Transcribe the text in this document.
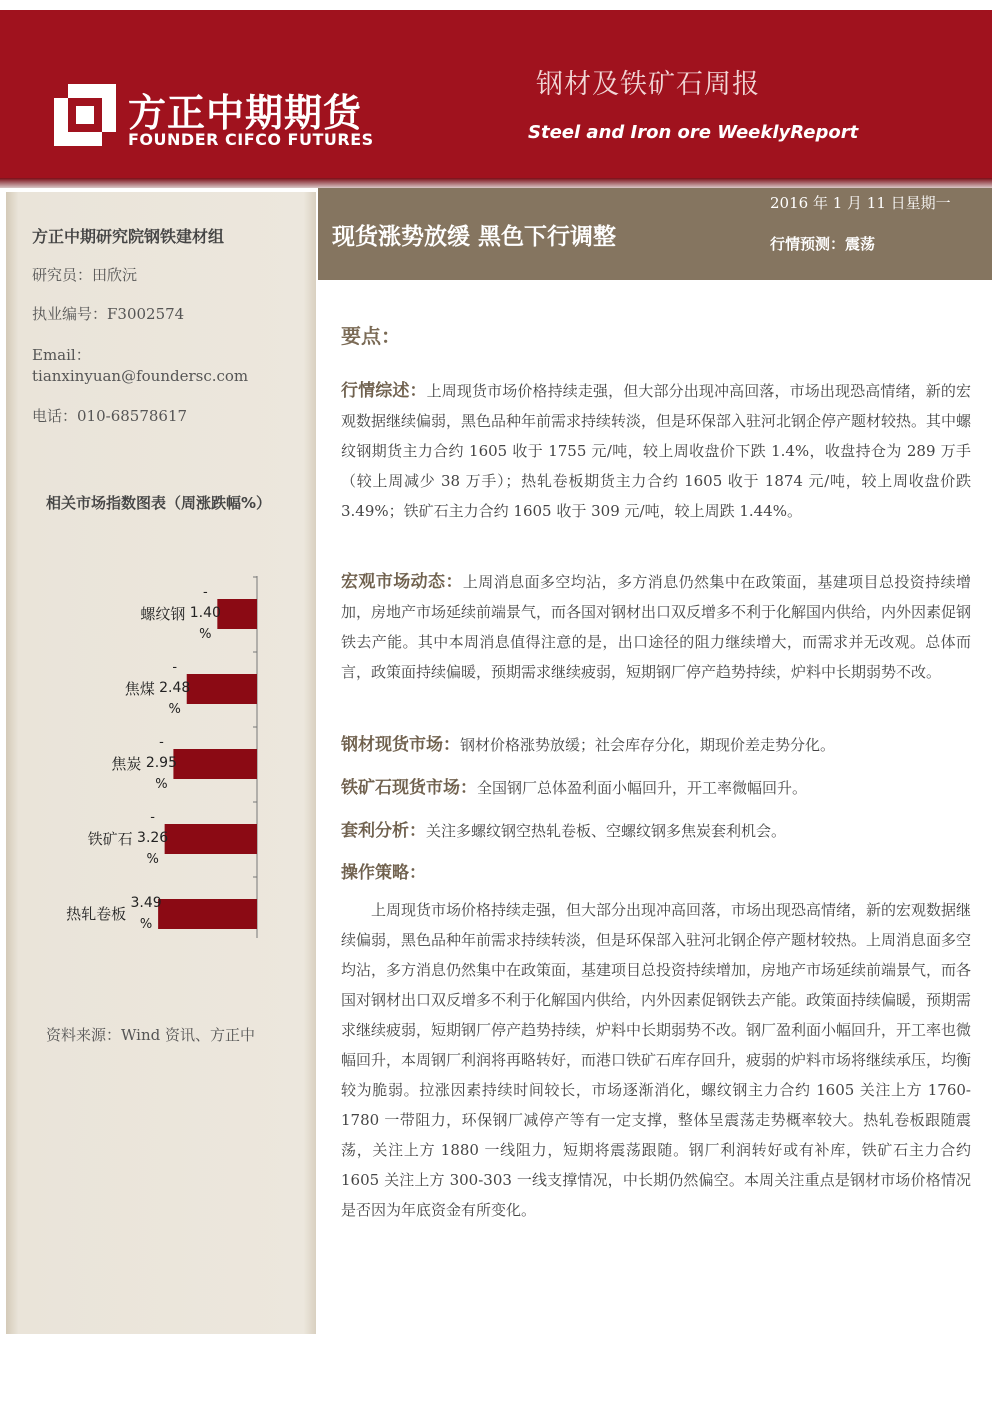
方正中期期货
FOUNDER CIFCO FUTURES
钢材及铁矿石周报
Steel and Iron ore WeeklyReport
方正中期研究院钢铁建材组
研究员：田欣沅
执业编号：F3002574
Email：
tianxinyuan@foundersc.com
电话：010-68578617
相关市场指数图表（周涨跌幅%）
螺纹钢
-
1.40
%
焦煤
-
2.48
%
焦炭
-
2.95
%
铁矿石
-
3.26
%
热轧卷板
3.49
%
资料来源：Wind 资讯、方正中
现货涨势放缓 黑色下行调整
2016 年 1 月 11 日星期一
行情预测：震荡
要点：
行情综述：上周现货市场价格持续走强，但大部分出现冲高回落，市场出现恐高情绪，新的宏观数据继续偏弱，黑色品种年前需求持续转淡，但是环保部入驻河北钢企停产题材较热。其中螺纹钢期货主力合约 1605 收于 1755 元/吨，较上周收盘价下跌 1.4%，收盘持仓为 289 万手（较上周减少 38 万手）；热轧卷板期货主力合约 1605 收于 1874 元/吨，较上周收盘价跌 3.49%；铁矿石主力合约 1605 收于 309 元/吨，较上周跌 1.44%。
宏观市场动态：上周消息面多空均沾，多方消息仍然集中在政策面，基建项目总投资持续增加，房地产市场延续前端景气，而各国对钢材出口双反增多不利于化解国内供给，内外因素促钢铁去产能。其中本周消息值得注意的是，出口途径的阻力继续增大，而需求并无改观。总体而言，政策面持续偏暖，预期需求继续疲弱，短期钢厂停产趋势持续，炉料中长期弱势不改。
钢材现货市场：钢材价格涨势放缓；社会库存分化，期现价差走势分化。
铁矿石现货市场：全国钢厂总体盈利面小幅回升，开工率微幅回升。
套利分析：关注多螺纹钢空热轧卷板、空螺纹钢多焦炭套利机会。
操作策略：
上周现货市场价格持续走强，但大部分出现冲高回落，市场出现恐高情绪，新的宏观数据继续偏弱，黑色品种年前需求持续转淡，但是环保部入驻河北钢企停产题材较热。上周消息面多空均沾，多方消息仍然集中在政策面，基建项目总投资持续增加，房地产市场延续前端景气，而各国对钢材出口双反增多不利于化解国内供给，内外因素促钢铁去产能。政策面持续偏暖，预期需求继续疲弱，短期钢厂停产趋势持续，炉料中长期弱势不改。钢厂盈利面小幅回升，开工率也微幅回升，本周钢厂利润将再略转好，而港口铁矿石库存回升，疲弱的炉料市场将继续承压，均衡较为脆弱。拉涨因素持续时间较长，市场逐渐消化，螺纹钢主力合约 1605 关注上方 1760-1780 一带阻力，环保钢厂减停产等有一定支撑，整体呈震荡走势概率较大。热轧卷板跟随震荡，关注上方 1880 一线阻力，短期将震荡跟随。钢厂利润转好或有补库，铁矿石主力合约 1605 关注上方 300-303 一线支撑情况，中长期仍然偏空。本周关注重点是钢材市场价格情况是否因为年底资金有所变化。
